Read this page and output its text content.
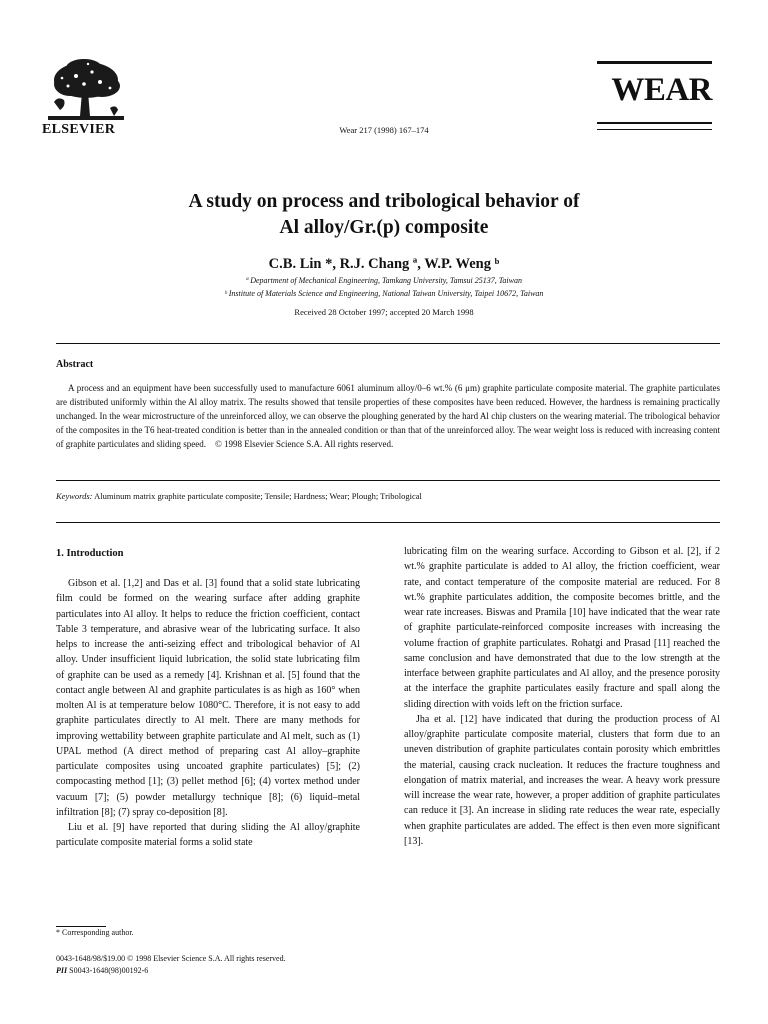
ELSEVIER	Wear 217 (1998) 167–174
WEAR
A study on process and tribological behavior of
Al alloy/Gr.(p) composite
C.B. Lin *, R.J. Chang ª, W.P. Weng ᵇ
ª Department of Mechanical Engineering, Tamkang University, Tamsui 25137, Taiwan
ᵇ Institute of Materials Science and Engineering, National Taiwan University, Taipei 10672, Taiwan
Received 28 October 1997; accepted 20 March 1998
Abstract

A process and an equipment have been successfully used to manufacture 6061 aluminum alloy/0–6 wt.% (6 μm) graphite particulate composite material. The graphite particulates are distributed uniformly within the Al alloy matrix. The results showed that tensile properties of these composites have been reduced. However, the hardness is remaining practically unchanged. In the wear microstructure of the unreinforced alloy, we can observe the ploughing generated by the hard Al chip clusters on the wearing material. The tribological behavior of the composites in the T6 heat-treated condition is better than in the annealed condition or than that of the unreinforced alloy. The wear weight loss is reduced with increasing content of graphite particulates and sliding speed. © 1998 Elsevier Science S.A. All rights reserved.

Keywords: Aluminum matrix graphite particulate composite; Tensile; Hardness; Wear; Plough; Tribological
1. Introduction

Gibson et al. [1,2] and Das et al. [3] found that a solid state lubricating film could be formed on the wearing surface after adding graphite particulates into Al alloy. It helps to reduce the friction coefficient, contact Table 3 temperature, and abrasive wear of the lubricating surface. It also helps to increase the anti-seizing effect and tribological behavior of Al alloy. Under insufficient liquid lubrication, the solid state lubricating film of graphite can be used as a remedy [4]. Krishnan et al. [5] found that the contact angle between Al and graphite particulates is as high as 160° when molten Al is at temperature below 1080°C. Therefore, it is not easy to add graphite particulates directly to Al melt. There are many methods for improving wettability between graphite particulate and Al melt, such as (1) UPAL method (A direct method of preparing cast Al alloy–graphite particulate composites using uncoated graphite particulates) [5]; (2) compocasting method [1]; (3) pellet method [6]; (4) vortex method under vacuum [7]; (5) powder metallurgy technique [8]; (6) liquid–metal infiltration [8]; (7) spray co-deposition [8].

Liu et al. [9] have reported that during sliding the Al alloy/graphite particulate composite material forms a solid state

lubricating film on the wearing surface. According to Gibson et al. [2], if 2 wt.% graphite particulate is added to Al alloy, the friction coefficient, wear rate, and contact temperature of the composite material are reduced. For 8 wt.% graphite particulates addition, the composite becomes brittle, and the wear rate increases. Biswas and Pramila [10] have indicated that the wear rate of graphite particulate-reinforced composite increases with increasing the volume fraction of graphite particulates. Rohatgi and Prasad [11] reached the same conclusion and have demonstrated that due to the low strength at the interface between graphite particulates and Al alloy, and the presence porosity at the interface the graphite particulates easily fracture and spall along the sliding direction with voids left on the friction surface.

Jha et al. [12] have indicated that during the production process of Al alloy/graphite particulate composite material, clusters that form due to an uneven distribution of graphite particulates contain porosity which embrittles the material, causing crack nucleation. It reduces the fracture toughness and elongation of matrix material, and increases the wear. A heavy work pressure will increase the wear rate, however, a proper addition of graphite particulates can reduce it [3]. An increase in sliding rate reduces the wear rate, especially when graphite particulates are added. The effect is then even more significant [13].

* Corresponding author.
0043-1648/98/$19.00 © 1998 Elsevier Science S.A. All rights reserved.
PII S0043-1648(98)00192-6
